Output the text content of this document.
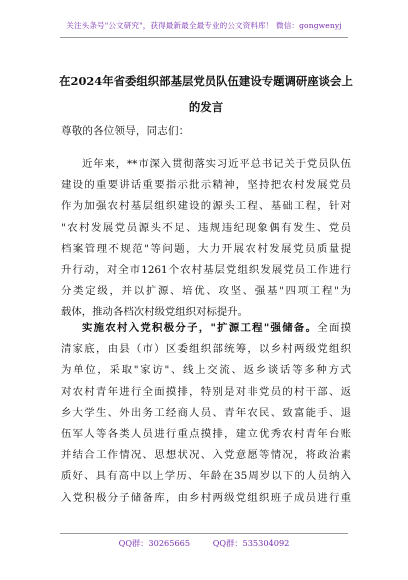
关注头条号"公文研究"，获得最新最全最专业的公文资料库！ 微信：gongwenyj
在2024年省委组织部基层党员队伍建设专题调研座谈会上
的发言
尊敬的各位领导，同志们：
近年来，**市深入贯彻落实习近平总书记关于党员队伍
建设的重要讲话重要指示批示精神，坚持把农村发展党员
作为加强农村基层组织建设的源头工程、基础工程，针对
"农村发展党员源头不足、违规违纪现象偶有发生、党员
档案管理不规范"等问题，大力开展农村发展党员质量提
升行动，对全市1261个农村基层党组织发展党员工作进行
分类定级，并以扩源、培优、攻坚、强基"四项工程"为
载体，推动各档次村级党组织对标提升。
实施农村入党积极分子，"扩源工程"强储备。全面摸
清家底，由县（市）区委组织部统筹，以乡村两级党组织
为单位，采取"家访"、线上交流、返乡谈话等多种方式
对农村青年进行全面摸排，特别是对非党员的村干部、返
乡大学生、外出务工经商人员、青年农民、致富能手、退
伍军人等各类人员进行重点摸排，建立优秀农村青年台账
并结合工作情况、思想状况、入党意愿等情况，将政治素
质好、具有高中以上学历、年龄在35周岁以下的人员纳入
入党积极分子储备库，由乡村两级党组织班子成员进行重
QQ群：30265665	QQ群：535304092
